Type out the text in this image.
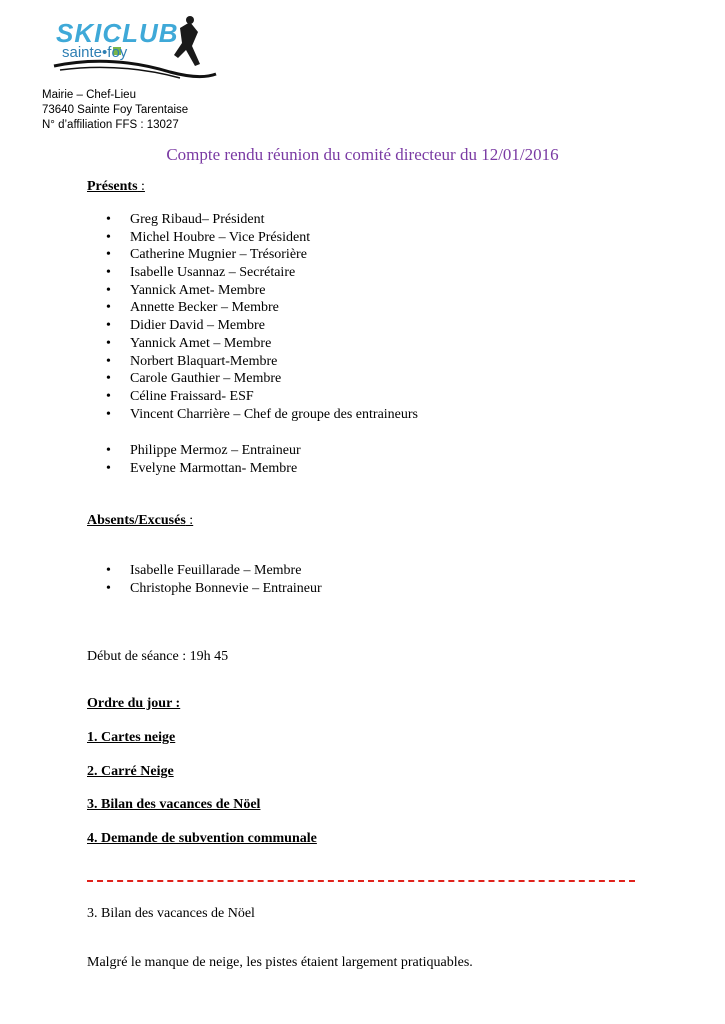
SKICLUB
sainte•foy
Mairie – Chef-Lieu
73640 Sainte Foy Tarentaise
N° d’affiliation FFS : 13027
Compte rendu réunion du comité directeur du 12/01/2016
Présents :
• Greg Ribaud– Président
• Michel Houbre – Vice Président
• Catherine Mugnier – Trésorière
• Isabelle Usannaz – Secrétaire
• Yannick Amet- Membre
• Annette Becker – Membre
• Didier David – Membre
• Yannick Amet – Membre
• Norbert Blaquart-Membre
• Carole Gauthier – Membre
• Céline Fraissard- ESF
• Vincent Charrière – Chef de groupe des entraineurs
• Philippe Mermoz – Entraineur
• Evelyne Marmottan- Membre
Absents/Excusés :
• Isabelle Feuillarade – Membre
• Christophe Bonnevie – Entraineur
Début de séance : 19h 45
Ordre du jour :
1. Cartes neige
2. Carré Neige
3. Bilan des vacances de Nöel
4. Demande de subvention communale
3. Bilan des vacances de Nöel
Malgré le manque de neige, les pistes étaient largement pratiquables.
